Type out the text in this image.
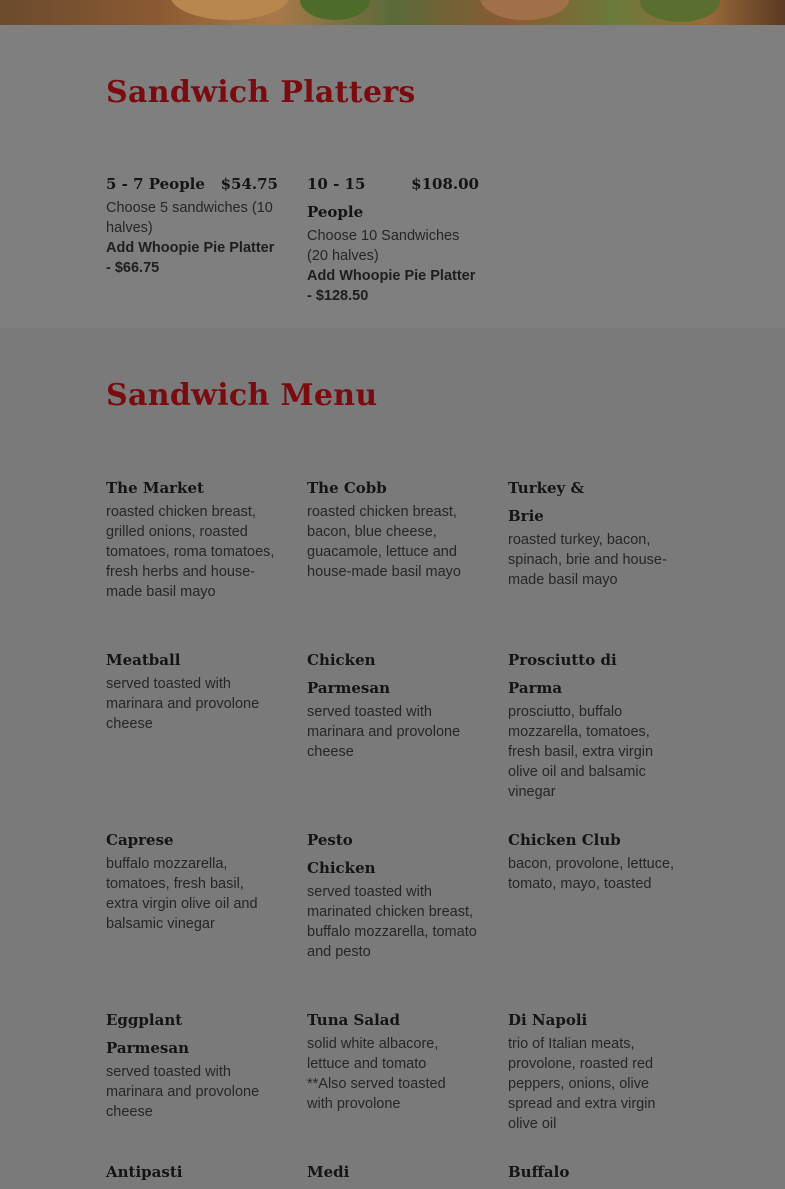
Sandwich Platters
5 - 7 People $54.75
Choose 5 sandwiches (10 halves)
Add Whoopie Pie Platter - $66.75
10 - 15 People
$108.00
Choose 10 Sandwiches (20 halves)
Add Whoopie Pie Platter - $128.50
Sandwich Menu
The Market
roasted chicken breast, grilled onions, roasted tomatoes, roma tomatoes, fresh herbs and house-made basil mayo
The Cobb
roasted chicken breast, bacon, blue cheese, guacamole, lettuce and house-made basil mayo
Turkey & Brie
roasted turkey, bacon, spinach, brie and house-made basil mayo
Meatball
served toasted with marinara and provolone cheese
Chicken Parmesan
served toasted with marinara and provolone cheese
Prosciutto di Parma
prosciutto, buffalo mozzarella, tomatoes, fresh basil, extra virgin olive oil and balsamic vinegar
Caprese
buffalo mozzarella, tomatoes, fresh basil, extra virgin olive oil and balsamic vinegar
Pesto Chicken
served toasted with marinated chicken breast, buffalo mozzarella, tomato and pesto
Chicken Club
bacon, provolone, lettuce, tomato, mayo, toasted
Eggplant Parmesan
served toasted with marinara and provolone cheese
Tuna Salad
solid white albacore, lettuce and tomato **Also served toasted with provolone
Di Napoli
trio of Italian meats, provolone, roasted red peppers, onions, olive spread and extra virgin olive oil
Antipasti	Medi	Buffalo
